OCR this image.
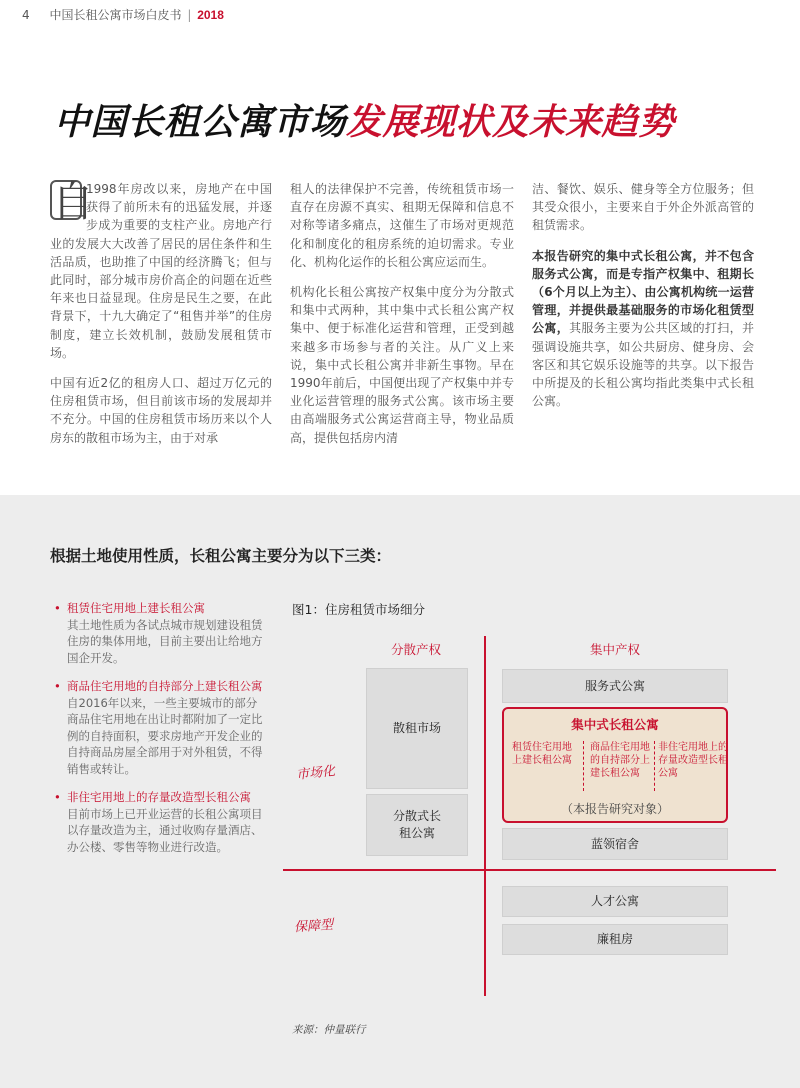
4 中国长租公寓市场白皮书 | 2018
中国长租公寓市场发展现状及未来趋势

自
1998年房改以来，房地产在中国获得了前所未有的迅猛发展，并逐步成为重要的支柱产业。房地产行业的发展大大改善了居民的居住条件和生活品质，也助推了中国的经济腾飞；但与此同时，部分城市房价高企的问题在近些年来也日益显现。住房是民生之要，在此背景下，十九大确定了“租售并举”的住房制度，建立长效机制，鼓励发展租赁市场。

中国有近2亿的租房人口、超过万亿元的住房租赁市场，但目前该市场的发展却并不充分。中国的住房租赁市场历来以个人房东的散租市场为主，由于对承

租人的法律保护不完善，传统租赁市场一直存在房源不真实、租期无保障和信息不对称等诸多痛点，这催生了市场对更规范化和制度化的租房系统的迫切需求。专业化、机构化运作的长租公寓应运而生。

机构化长租公寓按产权集中度分为分散式和集中式两种，其中集中式长租公寓产权集中、便于标准化运营和管理，正受到越来越多市场参与者的关注。从广义上来说，集中式长租公寓并非新生事物。早在1990年前后，中国便出现了产权集中并专业化运营管理的服务式公寓。该市场主要由高端服务式公寓运营商主导，物业品质高，提供包括房内清

洁、餐饮、娱乐、健身等全方位服务；但其受众很小，主要来自于外企外派高管的租赁需求。

本报告研究的集中式长租公寓，并不包含服务式公寓，而是专指产权集中、租期长（6个月以上为主）、由公寓机构统一运营管理，并提供最基础服务的市场化租赁型公寓，其服务主要为公共区域的打扫，并强调设施共享，如公共厨房、健身房、会客区和其它娱乐设施等的共享。以下报告中所提及的长租公寓均指此类集中式长租公寓。

根据土地使用性质，长租公寓主要分为以下三类：
• 租赁住宅用地上建长租公寓
其土地性质为各试点城市规划建设租赁住房的集体用地，目前主要出让给地方国企开发。
• 商品住宅用地的自持部分上建长租公寓
自2016年以来，一些主要城市的部分商品住宅用地在出让时都附加了一定比例的自持面积，要求房地产开发企业的自持商品房屋全部用于对外租赁，不得销售或转让。
• 非住宅用地上的存量改造型长租公寓
目前市场上已开业运营的长租公寓项目以存量改造为主，通过收购存量酒店、办公楼、零售等物业进行改造。
图1：住房租赁市场细分
分散产权	集中产权
市场化
保障型
散租市场
分散式长租公寓
服务式公寓
集中式长租公寓
租赁住宅用地上建长租公寓
商品住宅用地的自持部分上建长租公寓
非住宅用地上的存量改造型长租公寓
（本报告研究对象）
蓝领宿舍
人才公寓
廉租房
来源：仲量联行
